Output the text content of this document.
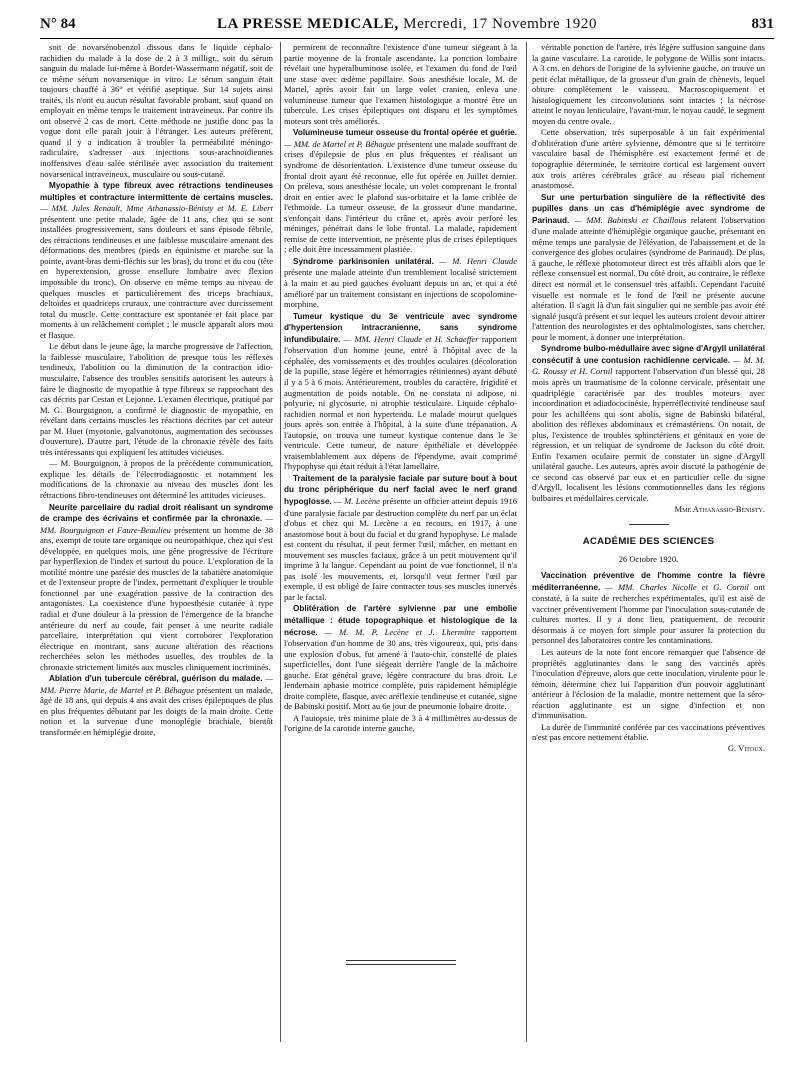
N° 84	LA PRESSE MEDICALE, Mercredi, 17 Novembre 1920	831

soit de novarsénobenzol dissous dans le liquide céphalo-rachidien du malade à la dose de 2 à 3 milligr., soit du sérum sanguin du malade lui-même à Bordet-Wassermann négatif, soit de ce même sérum novarsenique in vitro. Le sérum sanguin était toujours chauffé à 36° et vérifié aseptique. Sur 14 sujets ainsi traités, ils n'ont eu aucun résultat favorable probant, sauf quand on employait en même temps le traitement intraveineux. Par contre ils ont observé 2 cas de mort. Cette méthode ne justifie donc pas la vogue dont elle paraît jouir à l'étranger. Les auteurs préfèrent, quand il y a indication à troubler la perméabilité méningo-radiculaire, s'adresser aux injections sous-arachnoïdiennes inoffensives d'eau salée stérilisée avec association du traitement novarsenical intraveineux, musculaire ou sous-cutané.

Myopathie à type fibreux avec rétractions tendineuses multiples et contracture intermittente de certains muscles. — MM. Jules Renault, Mme Athanassio-Bénisty et M. E. Libert présentent une petite malade, âgée de 11 ans, chez qui se sont installées progressivement, sans douleurs et sans épisode fébrile, des rétractions tendineuses et une faiblesse musculaire amenant des déformations des membres (pieds en équinisme et marche sur la pointe, avant-bras demi-fléchis sur les bras), du tronc et du cou (tête en hyperextension, grosse ensellure lombaire avec flexion impossible du tronc). On observe en même temps au niveau de quelques muscles et particulièrement des triceps brachiaux, deltoïdes et quadriceps cruraux, une contracture avec durcissement total du muscle. Cette contracture est spontanée et fait place par moments à un relâchement complet ; le muscle apparaît alors mou et flasque.

Le début dans le jeune âge, la marche progressive de l'affection, la faiblesse musculaire, l'abolition de presque tous les réflexes tendineux, l'abolition ou la diminution de la contraction idio-musculaire, l'absence des troubles sensitifs autorisent les auteurs à faire le diagnostic de myopathie à type fibreux se rapprochant des cas décrits par Cestan et Lejonne. L'examen électrique, pratiqué par M. G. Bourguignon, a confirmé le diagnostic de myopathie, en révélant dans certains muscles les réactions décrites par cet auteur par M. Huet (myotonie, galvanotonus, augmentation des secousses d'ouverture). D'autre part, l'étude de la chronaxie révèle des faits très intéressants qui expliquent les attitudes vicieuses.

— M. Bourguignon, à propos de la précédente communication, explique les détails de l'électrodiagnostic et notamment les modifications de la chronaxie au niveau des muscles dont les rétractions fibro-tendineuses ont déterminé les attitudes vicieuses.

Neurite parcellaire du radial droit réalisant un syndrome de crampe des écrivains et confirmée par la chronaxie. — MM. Bourguignon et Faure-Beaulieu présentent un homme de 38 ans, exempt de toute tare organique ou neuropathique, chez qui s'est développée, en quelques mois, une gêne progressive de l'écriture par hyperflexion de l'index et surtout du pouce. L'exploration de la motilité montre une parésie des muscles de la tabatière anatomique et de l'extenseur propre de l'index, permettant d'expliquer le trouble fonctionnel par une exagération passive de la contraction des antagonistes. La coexistence d'une hypoesthésie cutanée à type radial et d'une douleur à la pression de l'émergence de la branche antérieure du nerf au coude, fait penser à une neurite radiale parcellaire, interprétation qui vient corroborer l'exploration électrique en montrant, sans aucune altération des réactions recherchées selon les méthodes usuelles, des troubles de la chronaxie strictement limités aux muscles cliniquement incriminés.

Ablation d'un tubercule cérébral, guérison du malade. — MM. Pierre Marie, de Martel et P. Béhague présentent un malade, âgé de 18 ans, qui depuis 4 ans avait des crises épileptiques de plus en plus fréquentes débutant par les doigts de la main droite. Cette notion et la survenue d'une monoplégie brachiale, bientôt transformée en hémiplégie droite,

permirent de reconnaître l'existence d'une tumeur siégeant à la partie moyenne de la frontale ascendante. La ponction lombaire révélait une hyperalbuminose isolée, et l'examen du fond de l'œil une stase avec œdème papillaire. Sous anesthésie locale, M. de Martel, après avoir fait un large volet cranien, enleva une volumineuse tumeur que l'examen histologique a montré être un tubercule. Les crises épileptiques ont disparu et les symptômes moteurs sont très améliorés.

Volumineuse tumeur osseuse du frontal opérée et guérie. — MM. de Martel et P. Béhague présentent une malade souffrant de crises d'épilepsie de plus en plus fréquentes et réalisant un syndrome de désorientation. L'existence d'une tumeur osseuse du frontal droit ayant été reconnue, elle fut opérée en Juillet dernier. On préleva, sous anesthésie locale, un volet comprenant le frontal droit en entier avec le plafond sus-orbitaire et la lame criblée de l'ethmoïde. La tumeur osseuse, de la grosseur d'une mandarine, s'enfonçait dans l'intérieur du crâne et, après avoir perforé les méninges, pénétrait dans le lobe frontal. La malade, rapidement remise de cette intervention, ne présente plus de crises épileptiques ; elle doit être incessamment plastiée.

Syndrome parkinsonien unilatéral. — M. Henri Claude présente une malade atteinte d'un tremblement localisé strictement à la main et au pied gauches évoluant depuis un an, et qui a été amélioré par un traitement consistant en injections de scopolomine-morphine.

Tumeur kystique du 3e ventricule avec syndrome d'hypertension intracranienne, sans syndrome infundibulaire. — MM. Henri Claude et H. Schaeffer rapportent l'observation d'un homme jeune, entré à l'hôpital avec de la céphalée, des vomissements et des troubles oculaires (décoloration de la pupille, stase légère et hémorragies rétiniennes) ayant débuté il y a 5 à 6 mois. Antérieurement, troubles du caractère, frigidité et augmentation de poids notable. On ne constata ni adipose, ni polyurie, ni glycosurie, ni atrophie testiculaire. Liquide céphalo-rachidien normal et non hypertendu. Le malade mourut quelques jours après son entrée à l'hôpital, à la suite d'une trépanation. A l'autopsie, on trouva une tumeur kystique contenue dans le 3e ventricule. Cette tumeur, de nature épithéliale et développée vraisemblablement aux dépens de l'épendyme, avait comprimé l'hypophyse qui était réduit à l'état lamellaire.

Traitement de la paralysie faciale par suture bout à bout du tronc périphérique du nerf facial avec le nerf grand hypoglosse. — M. Lecène présente un officier atteint depuis 1916 d'une paralysie faciale par destruction complète du nerf par un éclat d'obus et chez qui M. Lecène a eu recours, en 1917, à une anastomose bout à bout du facial et du grand hypophyse. Le malade est content du résultat, il peut fermer l'œil, mâcher, en mettant en mouvement ses muscles faciaux, grâce à un petit mouvement qu'il imprime à la langue. Cependant au point de vue fonctionnel, il n'a pas isolé les mouvements, et, lorsqu'il veut fermer l'œil par exemple, il est obligé de faire contracter tous ses muscles innervés par le facial.

Oblitération de l'artère sylvienne par une embolie métallique : étude topographique et histologique de la nécrose. — M. M. P. Lecène et J. Lhermitte rapportent l'observation d'un homme de 30 ans, très vigoureux, qui, pris dans une explosion d'obus, fut amené à l'auto-chir. constellé de plaies superficielles, dont l'une siégeait derrière l'angle de la mâchoire gauche. Etat général grave, légère contracture du bras droit. Le lendemain aphasie motrice complète, puis rapidement hémiplégie droite complète, flasque, avec aréflexie tendineuse et cutanée, signe de Babinski positif. Mort au 6e jour de pneumonie lobaire droite.

A l'autopsie, très minime plaie de 3 à 4 millimètres au-dessus de l'origine de la carotide interne gauche,

véritable ponction de l'artère, très légère suffusion sanguine dans la gaine vasculaire. La carotide, le polygone de Willis sont intacts. A 3 cm. en dehors de l'origine de la sylvienne gauche, on trouve un petit éclat métallique, de la grosseur d'un grain de chènevis, lequel obture complètement le vaisseau. Macroscopiquement et histologiquement les circonvolutions sont intactes ; la nécrose atteint le noyau lenticulaire, l'avant-mur, le noyau caudé, le segment moyen du centre ovale.

Cette observation, très superposable à un fait expérimental d'oblitération d'une artère sylvienne, démontre que si le territoire vasculaire basal de l'hémisphère est exactement fermé et de topographie déterminée, le territoire cortical est largement ouvert aux trois artères cérébrales grâce au réseau pial richement anastomosé.

Sur une perturbation singulière de la réflectivité des pupilles dans un cas d'hémiplégie avec syndrome de Parinaud. — MM. Babinski et Chaillous relatent l'observation d'une malade atteinte d'hémiplégie organique gauche, présentant en même temps une paralysie de l'élévation, de l'abaissement et de la convergence des globes oculaires (syndrome de Parinaud). De plus, à gauche, le réflexe photomoteur direct est très affaibli alors que le réflexe consensuel est normal. Du côté droit, au contraire, le réflexe direct est normal et le consensuel très affaibli. Cependant l'acuité visuelle est normale et le fond de l'œil ne présente aucune altération. Il s'agit là d'un fait singulier qui ne semble pas avoir été signalé jusqu'à présent et sur lequel les auteurs croient devoir attirer l'attention des neurologistes et des ophtalmologistes, sans chercher, pour le moment, à donner une interprétation.

Syndrome bulbo-médullaire avec signe d'Argyll unilatéral consécutif à une contusion rachidienne cervicale. — M. M. G. Roussy et H. Cornil rapportent l'observation d'un blessé qui, 28 mois après un traumatisme de la colonne cervicale, présentait une quadriplégie caractérisée par des troubles moteurs avec incoordination et adiadococinésie, hyperréflectivité tendineuse sauf pour les achilléens qui sont abolis, signe de Babinski bilatéral, abolition des réflexes abdominaux et crémastériens. On notait, de plus, l'existence de troubles sphinctériens et génitaux en voie de régression, et un reliquat de syndrome de Jackson du côté droit. Enfin l'examen oculaire permit de constater un signe d'Argyll unilatéral gauche. Les auteurs, après avoir discuté la pathogénie de ce second cas observé par eux et en particulier celle du signe d'Argyll, localisent les lésions commotionnelles dans les régions bulbaires et médullaires cervicale.

Mme Athanassio-Bénisty.

ACADÉMIE DES SCIENCES
26 Octobre 1920.

Vaccination préventive de l'homme contre la fièvre méditerranéenne. — MM. Charles Nicolle et G. Cornil ont constaté, à la suite de recherches expérimentales, qu'il est aisé de vacciner préventivement l'homme par l'inoculation sous-cutanée de cultures mortes. Il y a donc lieu, pratiquement, de recourir désormais à ce moyen fort simple pour assurer la protection du personnel des laboratoires contre les contaminations.

Les auteurs de la note font encore remarquer que l'absence de propriétés agglutinantes dans le sang des vaccinés après l'inoculation d'épreuve, alors que cette inoculation, virulente pour le témoin, détermine chez lui l'apparition d'un pouvoir agglutinant antérieur à l'éclosion de la maladie, montre nettement que la séro-réaction agglutinante est un signe d'infection et non d'immunisation.

La durée de l'immunité conférée par ces vaccinations préventives n'est pas encore nettement établie.

G. Vitoux.
